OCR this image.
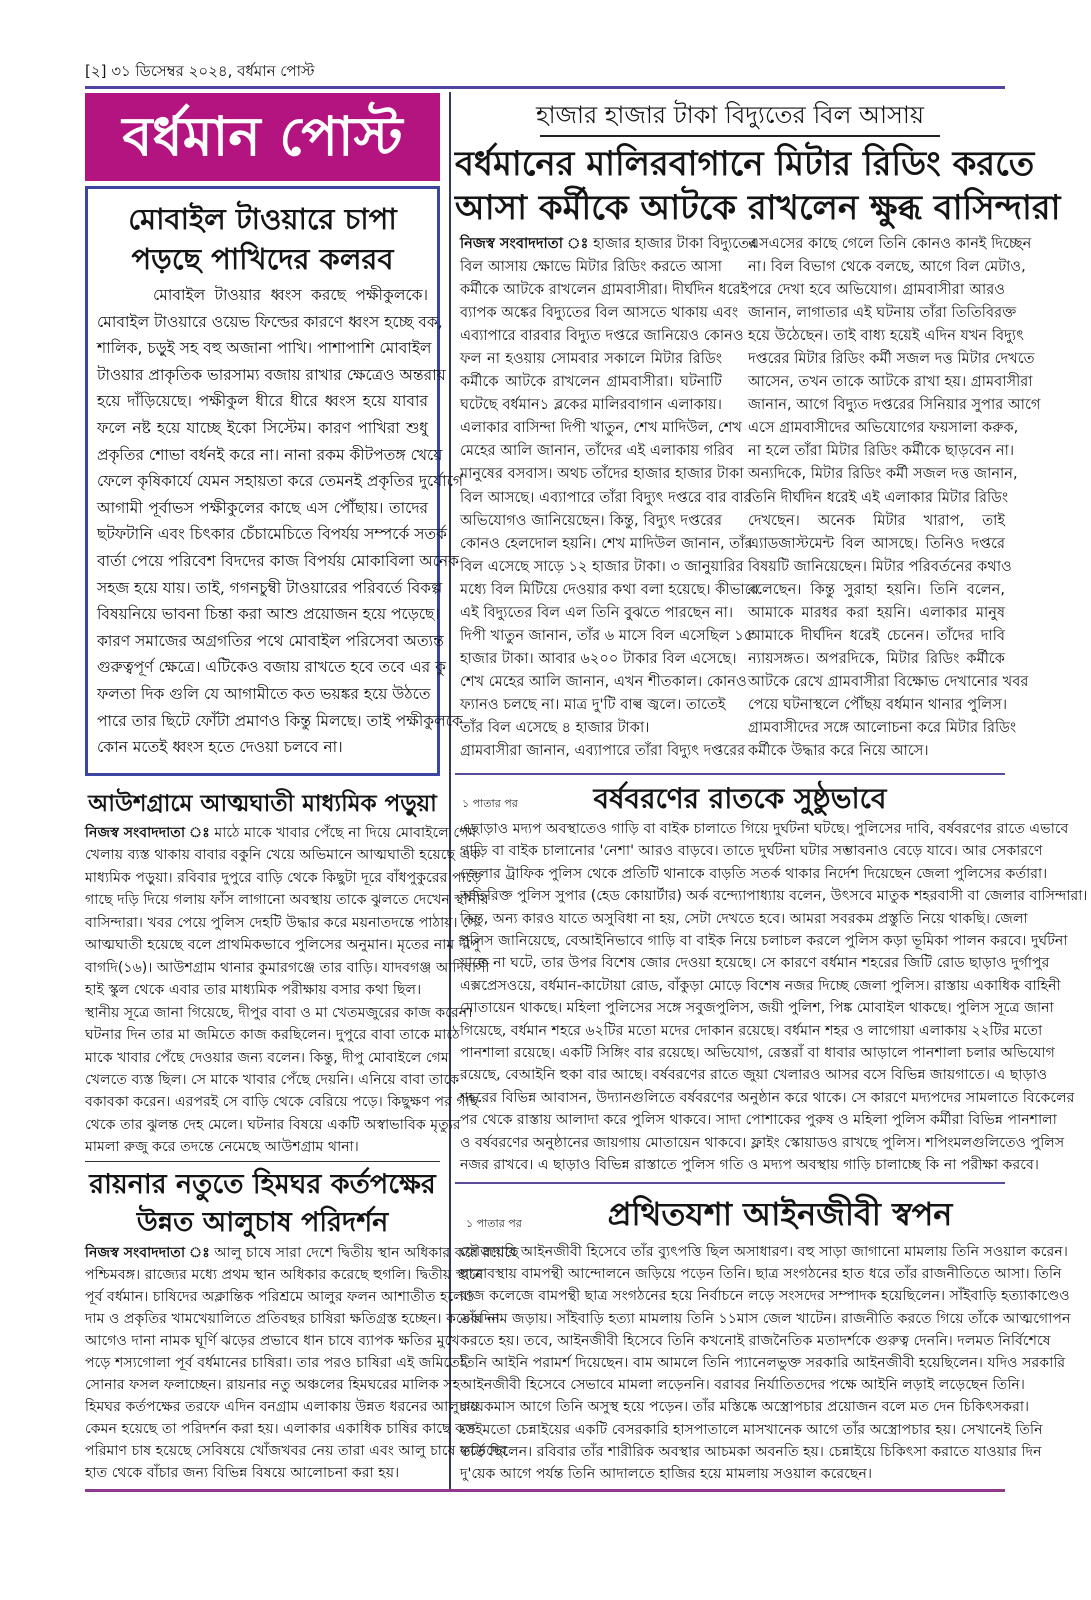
[২] ৩১ ডিসেম্বর ২০২৪, বর্ধমান পোস্ট
বর্ধমান পোস্ট
মোবাইল টাওয়ারে চাপা
পড়ছে পাখিদের কলরব
মোবাইল টাওয়ার ধ্বংস করছে পক্ষীকুলকে।
মোবাইল টাওয়ারে ওয়েভ ফিল্ডের কারণে ধ্বংস হচ্ছে বক,
শালিক, চড়ুই সহ বহু অজানা পাখি। পাশাপাশি মোবাইল
টাওয়ার প্রাকৃতিক ভারসাম্য বজায় রাখার ক্ষেত্রেও অন্তরায়
হয়ে দাঁড়িয়েছে। পক্ষীকুল ধীরে ধীরে ধ্বংস হয়ে যাবার
ফলে নষ্ট হয়ে যাচ্ছে ইকো সিস্টেম। কারণ পাখিরা শুধু
প্রকৃতির শোভা বর্ধনই করে না। নানা রকম কীটপতঙ্গ খেয়ে
ফেলে কৃষিকার্যে যেমন সহায়তা করে তেমনই প্রকৃতির দুর্যোগে
আগামী পূর্বাভস পক্ষীকুলের কাছে এস পৌঁছায়। তাদের
ছটফটানি এবং চিৎকার চেঁচামেচিতে বিপর্যয় সম্পর্কে সতর্ক
বার্তা পেয়ে পরিবেশ বিদদের কাজ বিপর্যয় মোকাবিলা অনেক
সহজ হয়ে যায়। তাই, গগনচুম্বী টাওয়ারের পরিবর্তে বিকল্প
বিষয়নিয়ে ভাবনা চিন্তা করা আশু প্রয়োজন হয়ে পড়েছে।
কারণ সমাজের অগ্রগতির পথে মোবাইল পরিসেবা অত্যন্ত
গুরুত্বপূর্ণ ক্ষেত্রে। এটিকেও বজায় রাখতে হবে তবে এর কু
ফলতা দিক গুলি যে আগামীতে কত ভয়ঙ্কর হয়ে উঠতে
পারে তার ছিটে ফোঁটা প্রমাণও কিন্তু মিলছে। তাই পক্ষীকুলকে
কোন মতেই ধ্বংস হতে দেওয়া চলবে না।
হাজার হাজার টাকা বিদ্যুতের বিল আসায়
বর্ধমানের মালিরবাগানে মিটার রিডিং করতে
আসা কর্মীকে আটকে রাখলেন ক্ষুব্ধ বাসিন্দারা
নিজস্ব সংবাদদাতা ঃ হাজার হাজার টাকা বিদ্যুতের
বিল আসায় ক্ষোভে মিটার রিডিং করতে আসা
কর্মীকে আটকে রাখলেন গ্রামবাসীরা। দীর্ঘদিন ধরেই
ব্যাপক অঙ্কের বিদ্যুতের বিল আসতে থাকায় এবং
এব্যাপারে বারবার বিদ্যুত দপ্তরে জানিয়েও কোনও
ফল না হওয়ায় সোমবার সকালে মিটার রিডিং
কর্মীকে আটকে রাখলেন গ্রামবাসীরা। ঘটনাটি
ঘটেছে বর্ধমান১ ব্লকের মালিরবাগান এলাকায়।
এলাকার বাসিন্দা দিপী খাতুন, শেখ মাদিউল, শেখ
মেহের আলি জানান, তাঁদের এই এলাকায় গরিব
মানুষের বসবাস। অথচ তাঁদের হাজার হাজার টাকা
বিল আসছে। এব্যাপারে তাঁরা বিদ্যুৎ দপ্তরে বার বার
অভিযোগও জানিয়েছেন। কিন্তু, বিদ্যুৎ দপ্তরের
কোনও হেলদোল হয়নি। শেখ মাদিউল জানান, তাঁর
বিল এসেছে সাড়ে ১২ হাজার টাকা। ৩ জানুয়ারির
মধ্যে বিল মিটিয়ে দেওয়ার কথা বলা হয়েছে। কীভাবে
এই বিদ্যুতের বিল এল তিনি বুঝতে পারছেন না।
দিপী খাতুন জানান, তাঁর ৬ মাসে বিল এসেছিল ১৫
হাজার টাকা। আবার ৬২০০ টাকার বিল এসেছে।
শেখ মেহের আলি জানান, এখন শীতকাল। কোনও
ফ্যানও চলছে না। মাত্র দু'টি বাল্ব জ্বলে। তাতেই
তাঁর বিল এসেছে ৪ হাজার টাকা।
গ্রামবাসীরা জানান, এব্যাপারে তাঁরা বিদ্যুৎ দপ্তরের
এসএসের কাছে গেলে তিনি কোনও কানই দিচ্ছেন
না। বিল বিভাগ থেকে বলছে, আগে বিল মেটাও,
পরে দেখা হবে অভিযোগ। গ্রামবাসীরা আরও
জানান, লাগাতার এই ঘটনায় তাঁরা তিতিবিরক্ত
হয়ে উঠেছেন। তাই বাধ্য হয়েই এদিন যখন বিদ্যুৎ
দপ্তরের মিটার রিডিং কর্মী সজল দত্ত মিটার দেখতে
আসেন, তখন তাকে আটকে রাখা হয়। গ্রামবাসীরা
জানান, আগে বিদ্যুত দপ্তরের সিনিয়ার সুপার আগে
এসে গ্রামবাসীদের অভিযোগের ফয়সালা করুক,
না হলে তাঁরা মিটার রিডিং কর্মীকে ছাড়বেন না।
অন্যদিকে, মিটার রিডিং কর্মী সজল দত্ত জানান,
তিনি দীর্ঘদিন ধরেই এই এলাকার মিটার রিডিং
দেখছেন। অনেক মিটার খারাপ, তাই
এ্যাডজাস্টমেন্ট বিল আসছে। তিনিও দপ্তরে
বিষয়টি জানিয়েছেন। মিটার পরিবর্তনের কথাও
বলেছেন। কিন্তু সুরাহা হয়নি। তিনি বলেন,
আমাকে মারধর করা হয়নি। এলাকার মানুষ
আমাকে দীর্ঘদিন ধরেই চেনেন। তাঁদের দাবি
ন্যায়সঙ্গত। অপরদিকে, মিটার রিডিং কর্মীকে
আটকে রেখে গ্রামবাসীরা বিক্ষোভ দেখানোর খবর
পেয়ে ঘটনাস্থলে পৌঁছয় বর্ধমান থানার পুলিস।
গ্রামবাসীদের সঙ্গে আলোচনা করে মিটার রিডিং
কর্মীকে উদ্ধার করে নিয়ে আসে।
আউশগ্রামে আত্মঘাতী মাধ্যমিক পড়ুয়া
নিজস্ব সংবাদদাতা ঃ মাঠে মাকে খাবার পেঁছে না দিয়ে মোবাইলে গেম
খেলায় ব্যস্ত থাকায় বাবার বকুনি খেয়ে অভিমানে আত্মঘাতী হয়েছে এক
মাধ্যমিক পড়ুয়া। রবিবার দুপুরে বাড়ি থেকে কিছুটা দূরে বাঁধপুকুরের পাড়ে
গাছে দড়ি দিয়ে গলায় ফাঁস লাগানো অবস্থায় তাকে ঝুলতে দেখেন স্থানীয়
বাসিন্দারা। খবর পেয়ে পুলিস দেহটি উদ্ধার করে ময়নাতদন্তে পাঠায়। সে
আত্মঘাতী হয়েছে বলে প্রাথমিকভাবে পুলিসের অনুমান। মৃতের নাম দীপু
বাগদি(১৬)। আউশগ্রাম থানার কুমারগঞ্জে তার বাড়ি। যাদবগঞ্জ আদিবাসী
হাই স্কুল থেকে এবার তার মাধ্যমিক পরীক্ষায় বসার কথা ছিল।
স্থানীয় সূত্রে জানা গিয়েছে, দীপুর বাবা ও মা খেতমজুরের কাজ করেন।
ঘটনার দিন তার মা জমিতে কাজ করছিলেন। দুপুরে বাবা তাকে মাঠে
মাকে খাবার পেঁছে দেওয়ার জন্য বলেন। কিন্তু, দীপু মোবাইলে গেম
খেলতে ব্যস্ত ছিল। সে মাকে খাবার পেঁছে দেয়নি। এনিয়ে বাবা তাকে
বকাবকা করেন। এরপরই সে বাড়ি থেকে বেরিয়ে পড়ে। কিছুক্ষণ পর গাছ
থেকে তার ঝুলন্ত দেহ মেলে। ঘটনার বিষয়ে একটি অস্বাভাবিক মৃত্যুর
মামলা রুজু করে তদন্তে নেমেছে আউশগ্রাম থানা।
রায়নার নতুতে হিমঘর কর্তপক্ষের
উন্নত আলুচাষ পরিদর্শন
নিজস্ব সংবাদদাতা ঃ আলু চাষে সারা দেশে দ্বিতীয় স্থান অধিকার করে রয়েছে
পশ্চিমবঙ্গ। রাজ্যের মধ্যে প্রথম স্থান অধিকার করেছে হুগলি। দ্বিতীয় স্থানে
পূর্ব বর্ধমান। চাষিদের অক্লান্তিক পরিশ্রমে আলুর ফলন আশাতীত হলেও
দাম ও প্রকৃতির খামখেয়ালিতে প্রতিবছর চাষিরা ক্ষতিগ্রস্ত হচ্ছেন। কয়েকদিন
আগেও দানা নামক ঘূর্ণি ঝড়ের প্রভাবে ধান চাষে ব্যাপক ক্ষতির মুখে
পড়ে শস্যগোলা পূর্ব বর্ধমানের চাষিরা। তার পরও চাষিরা এই জমিতেই
সোনার ফসল ফলাচ্ছেন। রায়নার নতু অঞ্চলের হিমঘরের মালিক সহ
হিমঘর কর্তপক্ষের তরফে এদিন বনগ্রাম এলাকায় উন্নত ধরনের আলুচাষ
কেমন হয়েছে তা পরিদর্শন করা হয়। এলাকার একাধিক চাষির কাছে কত
পরিমাণ চাষ হয়েছে সেবিষয়ে খোঁজখবর নেয় তারা এবং আলু চাষে ফড়েদের
হাত থেকে বাঁচার জন্য বিভিন্ন বিষয়ে আলোচনা করা হয়।
১ পাতার পর	বর্ষবরণের রাতকে সুষ্ঠুভাবে
এছাড়াও মদ্যপ অবস্থাতেও গাড়ি বা বাইক চালাতে গিয়ে দুর্ঘটনা ঘটছে। পুলিসের দাবি, বর্ষবরণের রাতে এভাবে
গাড়ি বা বাইক চালানোর 'নেশা' আরও বাড়বে। তাতে দুর্ঘটনা ঘটার সম্ভাবনাও বেড়ে যাবে। আর সেকারণে
জেলার ট্রাফিক পুলিস থেকে প্রতিটি থানাকে বাড়তি সতর্ক থাকার নির্দেশ দিয়েছেন জেলা পুলিসের কর্তারা।
অতিরিক্ত পুলিস সুপার (হেড কোয়ার্টার) অর্ক বন্দ্যোপাধ্যায় বলেন, উৎসবে মাতুক শহরবাসী বা জেলার বাসিন্দারা।
কিন্তু, অন্য কারও যাতে অসুবিধা না হয়, সেটা দেখতে হবে। আমরা সবরকম প্রস্তুতি নিয়ে থাকছি। জেলা
পুলিস জানিয়েছে, বেআইনিভাবে গাড়ি বা বাইক নিয়ে চলাচল করলে পুলিস কড়া ভূমিকা পালন করবে। দুর্ঘটনা
যাতে না ঘটে, তার উপর বিশেষ জোর দেওয়া হয়েছে। সে কারণে বর্ধমান শহরের জিটি রোড ছাড়াও দুর্গাপুর
এক্সপ্রেসওয়ে, বর্ধমান-কাটোয়া রোড, বাঁকুড়া মোড়ে বিশেষ নজর দিচ্ছে জেলা পুলিস। রাস্তায় একাধিক বাহিনী
মোতায়েন থাকছে। মহিলা পুলিসের সঙ্গে সবুজপুলিস, জয়ী পুলিশ, পিঙ্ক মোবাইল থাকছে। পুলিস সূত্রে জানা
গিয়েছে, বর্ধমান শহরে ৬২টির মতো মদের দোকান রয়েছে। বর্ধমান শহর ও লাগোয়া এলাকায় ২২টির মতো
পানশালা রয়েছে। একটি সিঙ্গিং বার রয়েছে। অভিযোগ, রেস্তরাঁ বা ধাবার আড়ালে পানশালা চলার অভিযোগ
রয়েছে, বেআইনি হুকা বার আছে। বর্ষবরণের রাতে জুয়া খেলারও আসর বসে বিভিন্ন জায়গাতে। এ ছাড়াও
শহরের বিভিন্ন আবাসন, উদ্যানগুলিতে বর্ষবরণের অনুষ্ঠান করে থাকে। সে কারণে মদ্যপদের সামলাতে বিকেলের
পর থেকে রাস্তায় আলাদা করে পুলিস থাকবে। সাদা পোশাকের পুরুষ ও মহিলা পুলিস কর্মীরা বিভিন্ন পানশালা
ও বর্ষবরণের অনুষ্ঠানের জায়গায় মোতায়েন থাকবে। ফ্লাইং স্কোয়াডও রাখছে পুলিস। শপিংমলগুলিতেও পুলিস
নজর রাখবে। এ ছাড়াও বিভিন্ন রাস্তাতে পুলিস গতি ও মদ্যপ অবস্থায় গাড়ি চালাচ্ছে কি না পরীক্ষা করবে।
১ পাতার পর	প্রথিতযশা আইনজীবী স্বপন
ফৌজদারি আইনজীবী হিসেবে তাঁর ব্যুৎপত্তি ছিল অসাধারণ। বহু সাড়া জাগানো মামলায় তিনি সওয়াল করেন।
ছাত্রাবস্থায় বামপন্থী আন্দোলনে জড়িয়ে পড়েন তিনি। ছাত্র সংগঠনের হাত ধরে তাঁর রাজনীতিতে আসা। তিনি
রাজ কলেজে বামপন্থী ছাত্র সংগঠনের হয়ে নির্বাচনে লড়ে সংসদের সম্পাদক হয়েছিলেন। সাঁইবাড়ি হত্যাকাণ্ডেও
তাঁর নাম জড়ায়। সাঁইবাড়ি হত্যা মামলায় তিনি ১১মাস জেল খাটেন। রাজনীতি করতে গিয়ে তাঁকে আত্মগোপন
করতে হয়। তবে, আইনজীবী হিসেবে তিনি কখনোই রাজনৈতিক মতাদর্শকে গুরুত্ব দেননি। দলমত নির্বিশেষে
তিনি আইনি পরামর্শ দিয়েছেন। বাম আমলে তিনি প্যানেলভুক্ত সরকারি আইনজীবী হয়েছিলেন। যদিও সরকারি
আইনজীবী হিসেবে সেভাবে মামলা লড়েননি। বরাবর নির্যাতিতদের পক্ষে আইনি লড়াই লড়েছেন তিনি।
কয়েকমাস আগে তিনি অসুস্থ হয়ে পড়েন। তাঁর মস্তিষ্কে অস্ত্রোপচার প্রয়োজন বলে মত দেন চিকিৎসকরা।
সেইমতো চেন্নাইয়ের একটি বেসরকারি হাসপাতালে মাসখানেক আগে তাঁর অস্ত্রোপচার হয়। সেখানেই তিনি
ভর্তি ছিলেন। রবিবার তাঁর শারীরিক অবস্থার আচমকা অবনতি হয়। চেন্নাইয়ে চিকিৎসা করাতে যাওয়ার দিন
দু'য়েক আগে পর্যন্ত তিনি আদালতে হাজির হয়ে মামলায় সওয়াল করেছেন।
